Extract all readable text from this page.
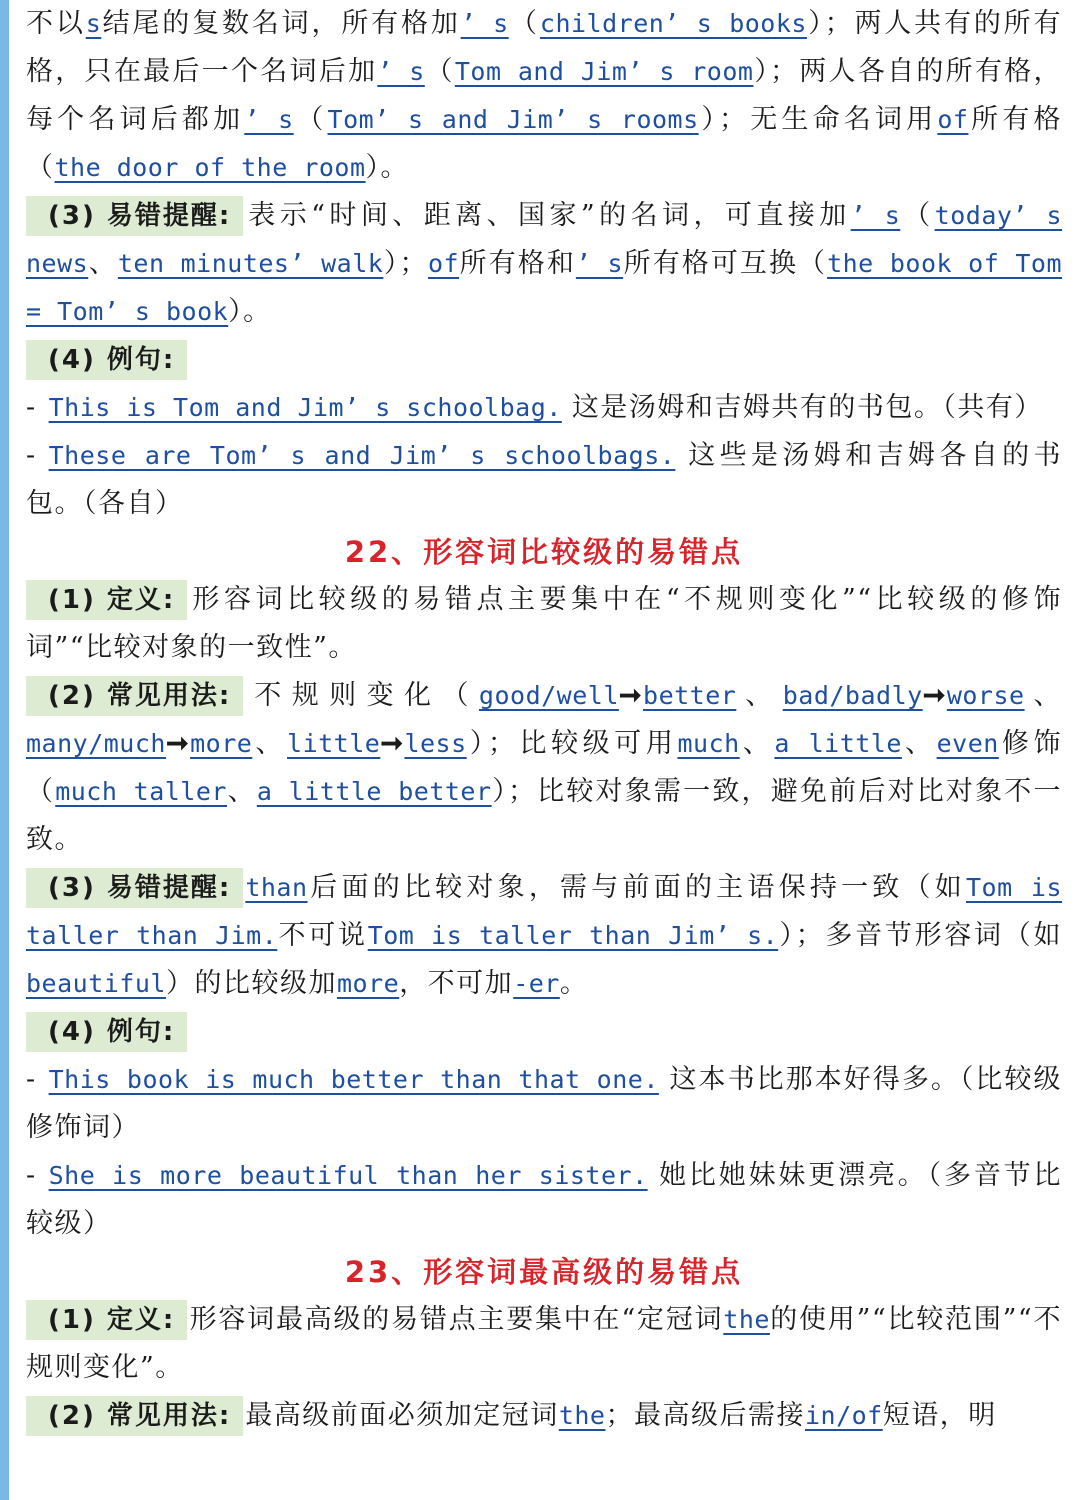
不以s结尾的复数名词，所有格加’ s（children’ s books）；两人共有的所有格，只在最后一个名词后加’ s（Tom and Jim’ s room）；两人各自的所有格，每个名词后都加’ s（Tom’ s and Jim’ s rooms）；无生命名词用of所有格（the door of the room）。

(3) 易错提醒: 表示“时间、距离、国家”的名词，可直接加’ s（today’ s news、ten minutes’ walk）；of所有格和’ s所有格可互换（the book of Tom = Tom’ s book）。

(4) 例句:

- This is Tom and Jim’ s schoolbag. 这是汤姆和吉姆共有的书包。（共有）

- These are Tom’ s and Jim’ s schoolbags. 这些是汤姆和吉姆各自的书包。（各自）

22、形容词比较级的易错点

(1) 定义: 形容词比较级的易错点主要集中在“不规则变化”“比较级的修饰词”“比较对象的一致性”。

(2) 常见用法: 不规则变化（good/well➞better、bad/badly➞worse、many/much➞more、little➞less）；比较级可用much、a little、even修饰（much taller、a little better）；比较对象需一致，避免前后对比对象不一致。

(3) 易错提醒: than后面的比较对象，需与前面的主语保持一致（如Tom is taller than Jim.不可说Tom is taller than Jim’ s.）；多音节形容词（如beautiful）的比较级加more，不可加-er。

(4) 例句:

- This book is much better than that one. 这本书比那本好得多。（比较级修饰词）

- She is more beautiful than her sister. 她比她妹妹更漂亮。（多音节比较级）

23、形容词最高级的易错点

(1) 定义: 形容词最高级的易错点主要集中在“定冠词the的使用”“比较范围”“不规则变化”。

(2) 常见用法: 最高级前面必须加定冠词the；最高级后需接in/of短语，明
